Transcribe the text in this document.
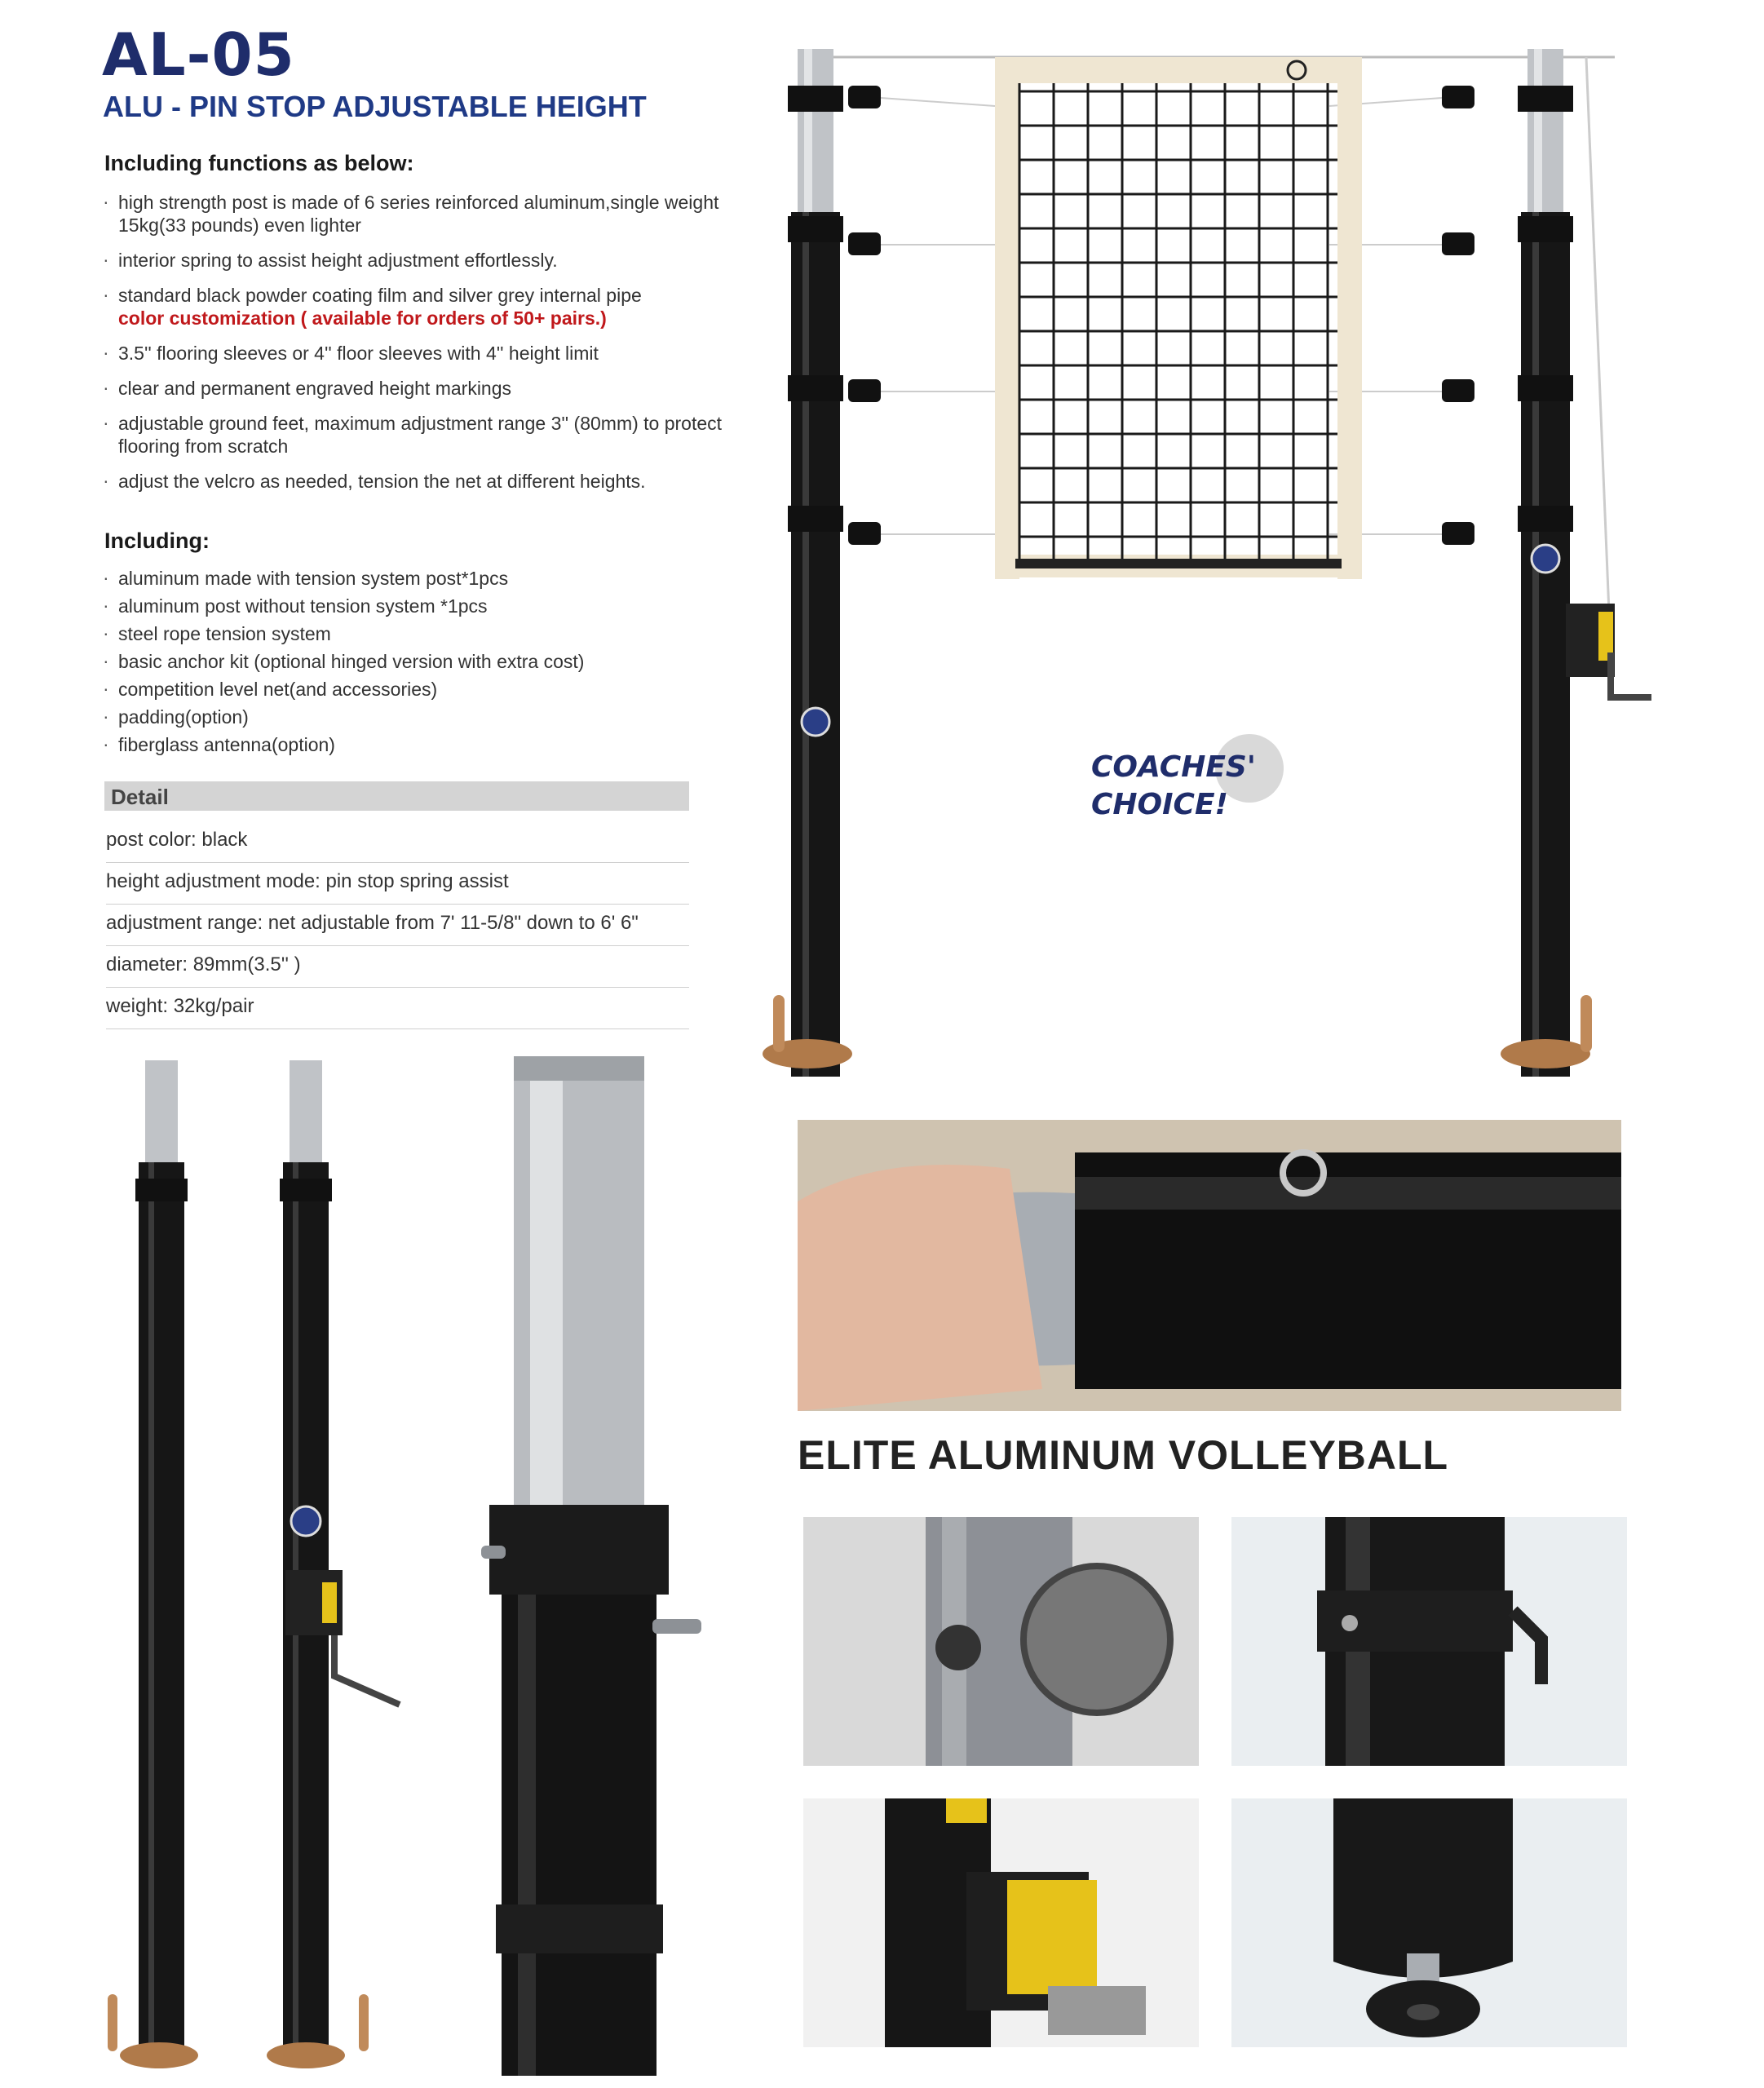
AL-05
ALU - PIN STOP ADJUSTABLE HEIGHT
Including functions as below:
· high strength post is made of 6 series reinforced aluminum,single weight 15kg(33 pounds) even lighter
· interior spring to assist height adjustment effortlessly.
· standard black powder coating film and silver grey internal pipe
color customization ( available for orders of 50+ pairs.)
· 3.5'' flooring sleeves or 4'' floor sleeves with 4'' height limit
· clear and permanent engraved height markings
· adjustable ground feet, maximum adjustment range 3'' (80mm) to protect flooring from scratch
· adjust the velcro as needed, tension the net at different heights.
Including:
· aluminum made with tension system post*1pcs
· aluminum post without tension system *1pcs
· steel rope tension system
· basic anchor kit (optional hinged version with extra cost)
· competition level net(and accessories)
· padding(option)
· fiberglass antenna(option)
Detail
post color: black
height adjustment mode: pin stop spring assist
adjustment range: net adjustable from 7' 11-5/8" down to 6' 6"
diameter: 89mm(3.5'' )
weight: 32kg/pair
COACHES'
CHOICE!
ELITE ALUMINUM VOLLEYBALL
